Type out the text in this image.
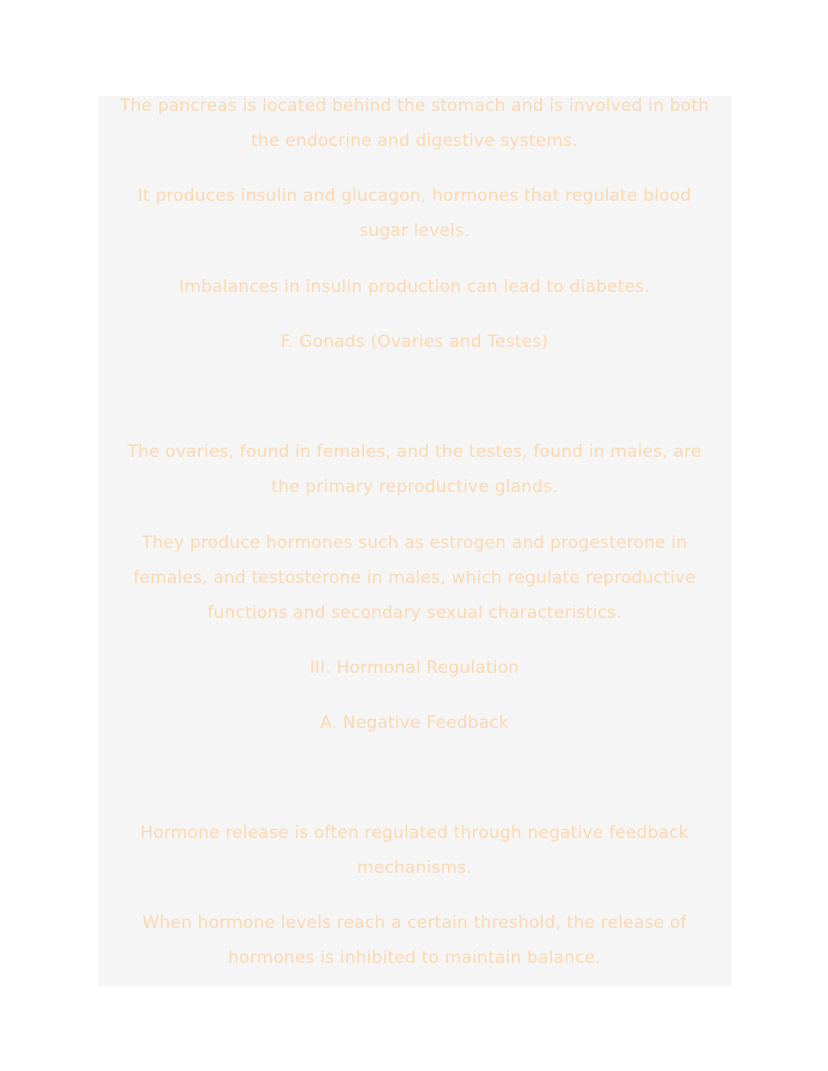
The pancreas is located behind the stomach and is involved in both
the endocrine and digestive systems.

It produces insulin and glucagon, hormones that regulate blood
sugar levels.

Imbalances in insulin production can lead to diabetes.

F. Gonads (Ovaries and Testes)

The ovaries, found in females, and the testes, found in males, are
the primary reproductive glands.

They produce hormones such as estrogen and progesterone in
females, and testosterone in males, which regulate reproductive
functions and secondary sexual characteristics.

III. Hormonal Regulation

A. Negative Feedback

Hormone release is often regulated through negative feedback
mechanisms.

When hormone levels reach a certain threshold, the release of
hormones is inhibited to maintain balance.
